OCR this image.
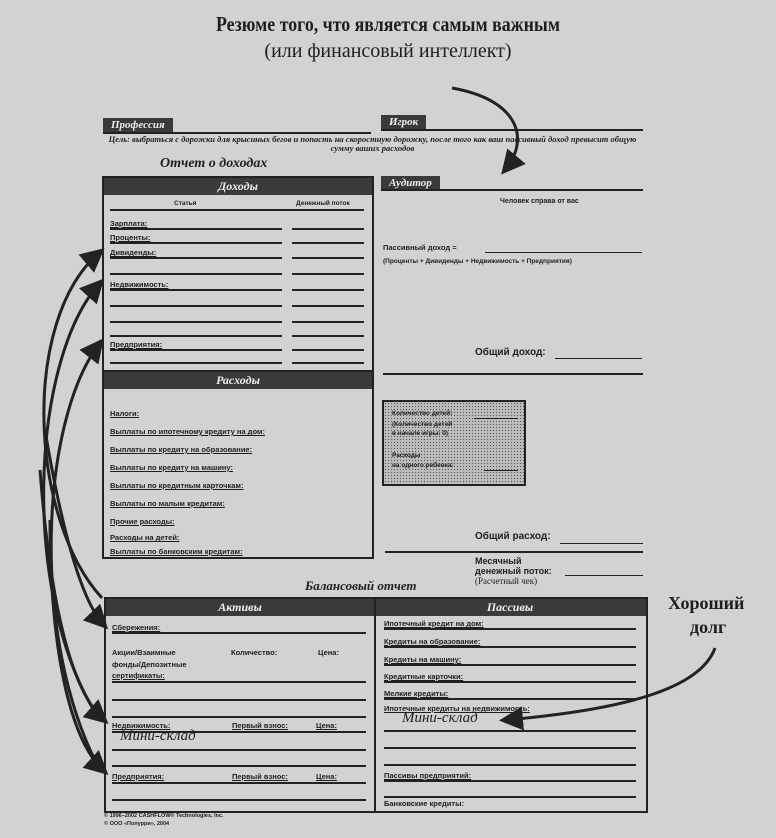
Резюме того, что является самым важным
(или финансовый интеллект)
Профессия	Игрок
Цель: выбраться с дорожки для крысиных бегов и попасть на скоростную дорожку, после того как ваш пассивный доход превысит общую сумму ваших расходов
Отчет о доходах
Доходы
Статья	Денежный поток
Зарплата:
Проценты:
Дивиденды:
Недвижимость:
Предприятия:
Аудитор
Человек справа от вас
Пассивный доход =
(Проценты + Дивиденды + Недвижимость + Предприятия)
Общий доход:
Расходы
Налоги:
Выплаты по ипотечному кредиту на дом:
Выплаты по кредиту на образование:
Выплаты по кредиту на машину:
Выплаты по кредитным карточкам:
Выплаты по малым кредитам:
Прочие расходы:
Расходы на детей:
Выплаты по банковским кредитам:
Количество детей:
(Количество детей
в начале игры: 0)
Расходы
на одного ребенка:
Общий расход:
Месячный
денежный поток:
(Расчетный чек)
Балансовый отчет
Активы	Пассивы
Сбережения:
Акции/Взаимные
фонды/Депозитные
сертификаты:
Количество:	Цена:
Недвижимость:	Первый взнос:	Цена:
Мини-склад
Предприятия:	Первый взнос:	Цена:
Ипотечный кредит на дом:
Кредиты на образование:
Кредиты на машину:
Кредитные карточки:
Мелкие кредиты:
Ипотечные кредиты на недвижимость:
Мини-склад
Пассивы предприятий:
Банковские кредиты:
© 1996–2002 CASHFLOW® Technologies, Inc.
© ООО «Попурри», 2004
Хороший
долг
